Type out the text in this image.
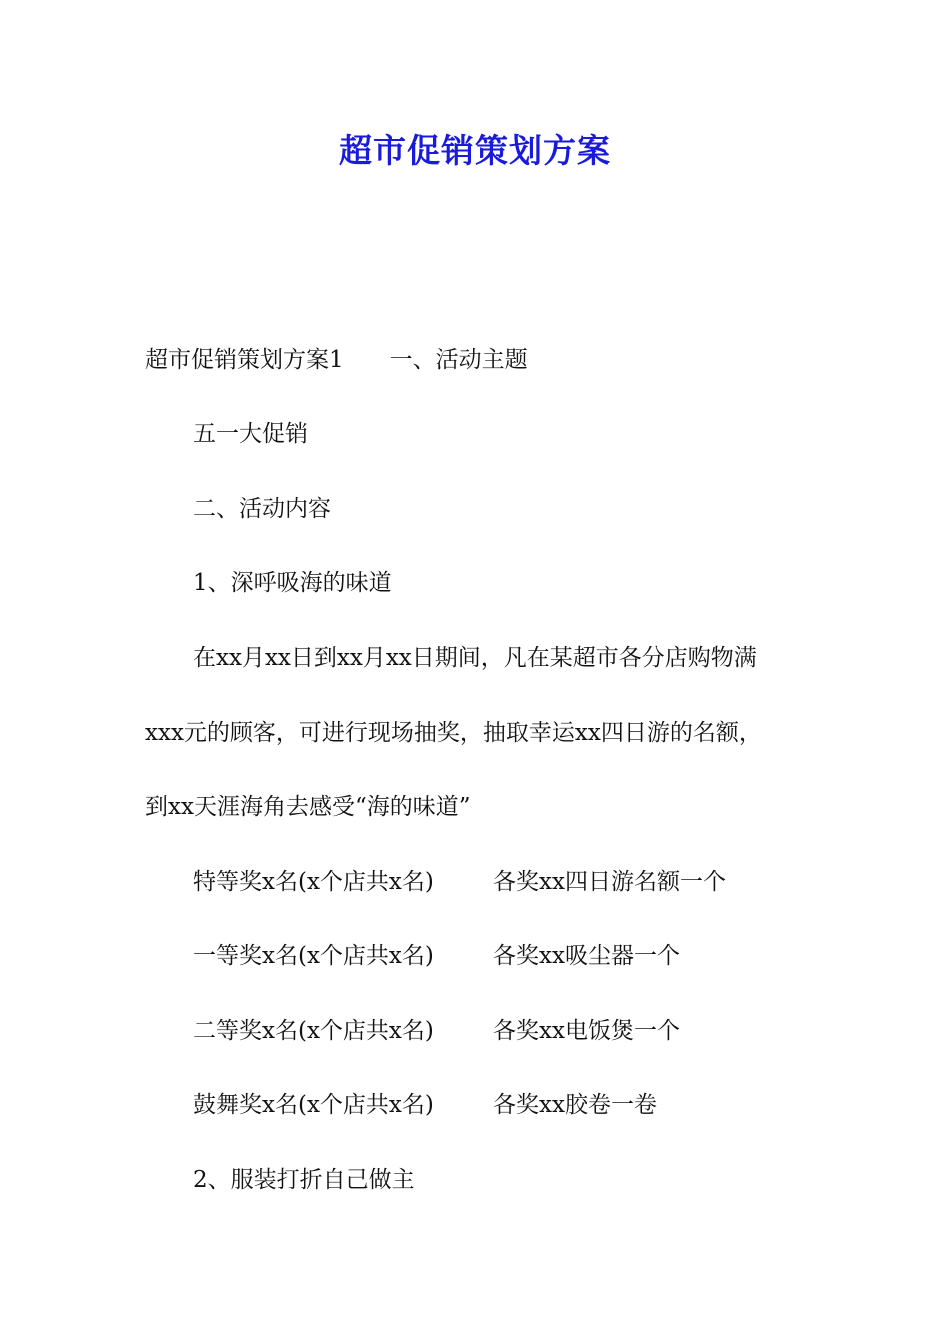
超市促销策划方案

超市促销策划方案1 一、活动主题

五一大促销

二、活动内容

1、深呼吸海的味道

在xx月xx日到xx月xx日期间，凡在某超市各分店购物满

xxx元的顾客，可进行现场抽奖，抽取幸运xx四日游的名额，

到xx天涯海角去感受“海的味道”

特等奖x名(x个店共x名)	各奖xx四日游名额一个

一等奖x名(x个店共x名)	各奖xx吸尘器一个

二等奖x名(x个店共x名)	各奖xx电饭煲一个

鼓舞奖x名(x个店共x名)	各奖xx胶卷一卷

2、服装打折自己做主
